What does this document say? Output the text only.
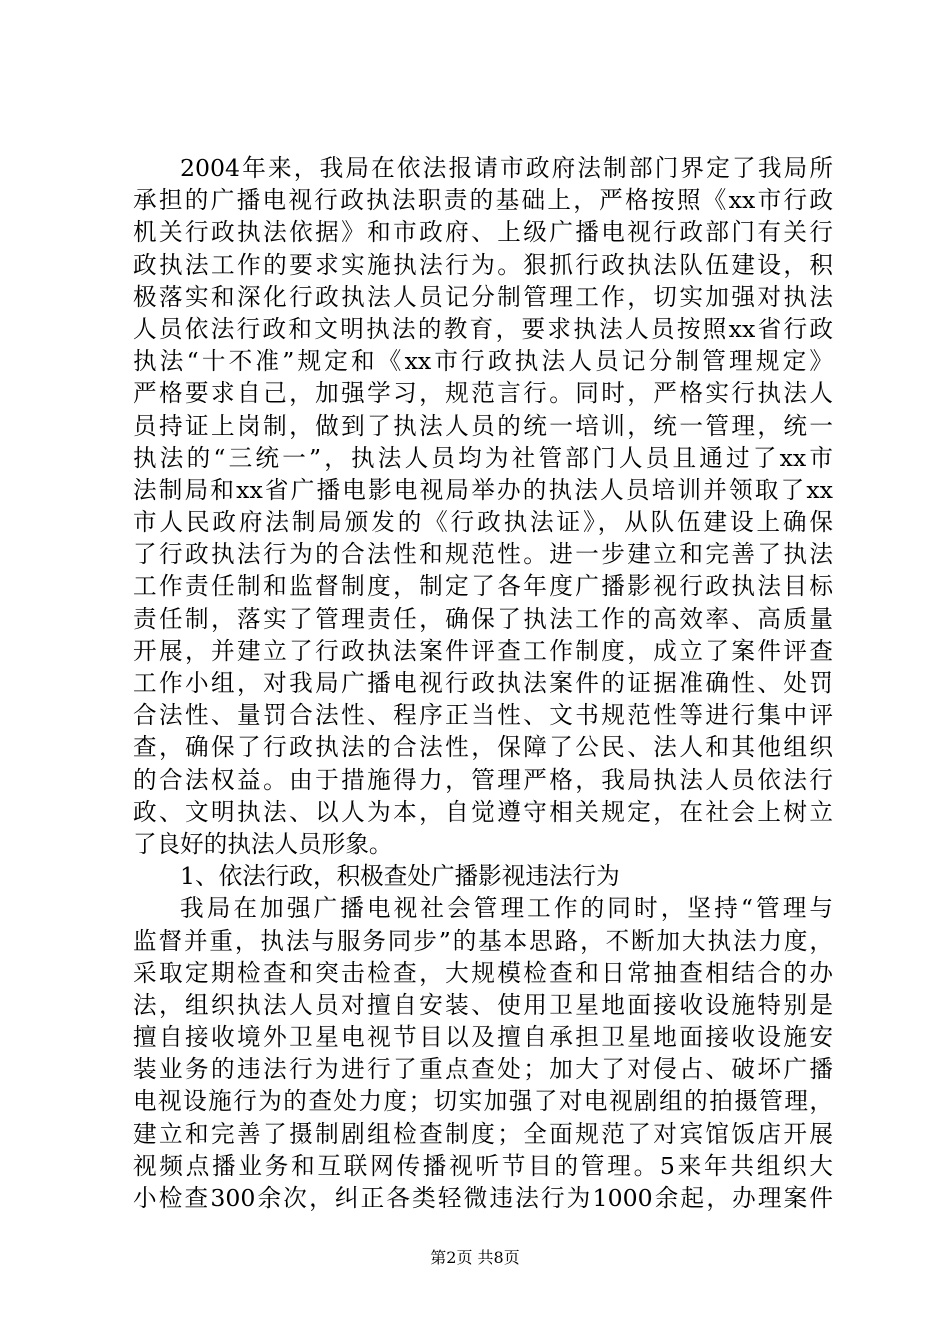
2004年来，我局在依法报请市政府法制部门界定了我局所
承担的广播电视行政执法职责的基础上，严格按照《xx市行政
机关行政执法依据》和市政府、上级广播电视行政部门有关行
政执法工作的要求实施执法行为。狠抓行政执法队伍建设，积
极落实和深化行政执法人员记分制管理工作，切实加强对执法
人员依法行政和文明执法的教育，要求执法人员按照xx省行政
执法“十不准”规定和《xx市行政执法人员记分制管理规定》
严格要求自己，加强学习，规范言行。同时，严格实行执法人
员持证上岗制，做到了执法人员的统一培训，统一管理，统一
执法的“三统一”，执法人员均为社管部门人员且通过了xx市
法制局和xx省广播电影电视局举办的执法人员培训并领取了xx
市人民政府法制局颁发的《行政执法证》，从队伍建设上确保
了行政执法行为的合法性和规范性。进一步建立和完善了执法
工作责任制和监督制度，制定了各年度广播影视行政执法目标
责任制，落实了管理责任，确保了执法工作的高效率、高质量
开展，并建立了行政执法案件评查工作制度，成立了案件评查
工作小组，对我局广播电视行政执法案件的证据准确性、处罚
合法性、量罚合法性、程序正当性、文书规范性等进行集中评
查，确保了行政执法的合法性，保障了公民、法人和其他组织
的合法权益。由于措施得力，管理严格，我局执法人员依法行
政、文明执法、以人为本，自觉遵守相关规定，在社会上树立
了良好的执法人员形象。
1、依法行政，积极查处广播影视违法行为
我局在加强广播电视社会管理工作的同时，坚持“管理与
监督并重，执法与服务同步”的基本思路，不断加大执法力度，
采取定期检查和突击检查，大规模检查和日常抽查相结合的办
法，组织执法人员对擅自安装、使用卫星地面接收设施特别是
擅自接收境外卫星电视节目以及擅自承担卫星地面接收设施安
装业务的违法行为进行了重点查处；加大了对侵占、破坏广播
电视设施行为的查处力度；切实加强了对电视剧组的拍摄管理，
建立和完善了摄制剧组检查制度；全面规范了对宾馆饭店开展
视频点播业务和互联网传播视听节目的管理。5来年共组织大
小检查300余次，纠正各类轻微违法行为1000余起，办理案件
第2页 共8页
